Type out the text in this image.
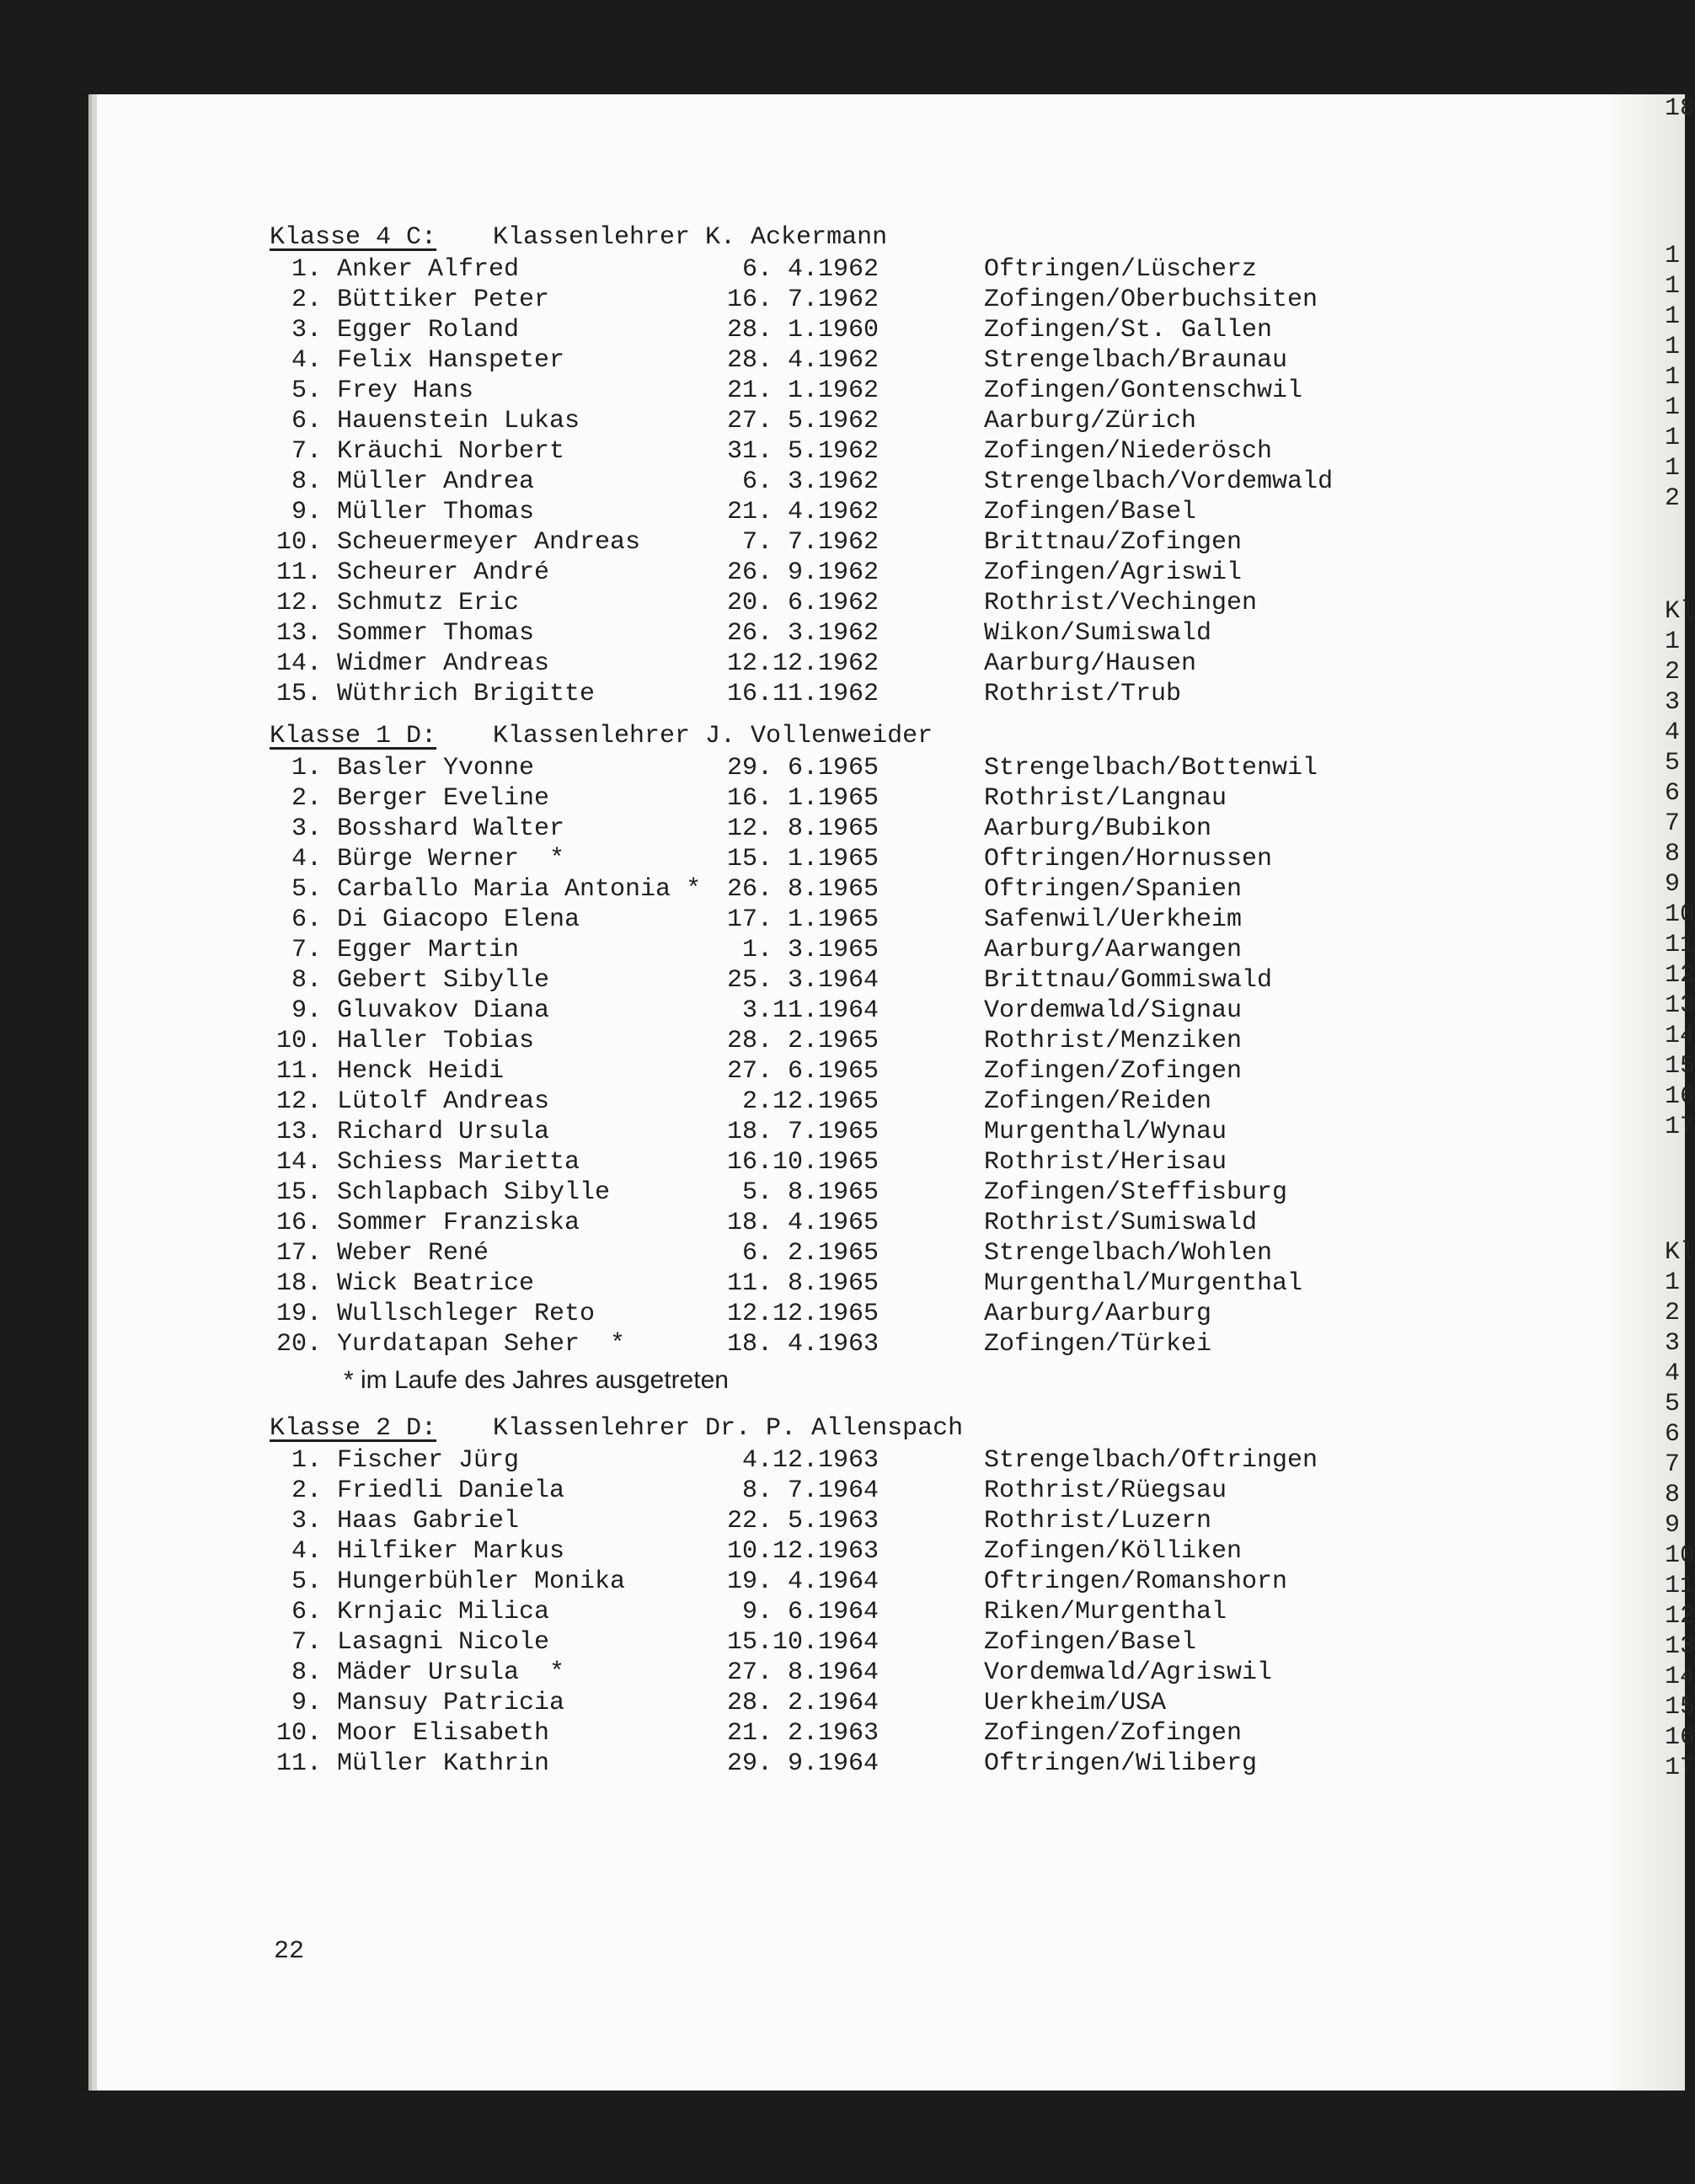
Klasse 4 C: Klassenlehrer K. Ackermann
1. Anker Alfred	6. 4.1962	Oftringen/Lüscherz
2. Büttiker Peter	16. 7.1962	Zofingen/Oberbuchsiten
3. Egger Roland	28. 1.1960	Zofingen/St. Gallen
4. Felix Hanspeter	28. 4.1962	Strengelbach/Braunau
5. Frey Hans	21. 1.1962	Zofingen/Gontenschwil
6. Hauenstein Lukas	27. 5.1962	Aarburg/Zürich
7. Kräuchi Norbert	31. 5.1962	Zofingen/Niederösch
8. Müller Andrea	6. 3.1962	Strengelbach/Vordemwald
9. Müller Thomas	21. 4.1962	Zofingen/Basel
10. Scheuermeyer Andreas	7. 7.1962	Brittnau/Zofingen
11. Scheurer André	26. 9.1962	Zofingen/Agriswil
12. Schmutz Eric	20. 6.1962	Rothrist/Vechingen
13. Sommer Thomas	26. 3.1962	Wikon/Sumiswald
14. Widmer Andreas	12.12.1962	Aarburg/Hausen
15. Wüthrich Brigitte	16.11.1962	Rothrist/Trub
Klasse 1 D: Klassenlehrer J. Vollenweider
1. Basler Yvonne	29. 6.1965	Strengelbach/Bottenwil
2. Berger Eveline	16. 1.1965	Rothrist/Langnau
3. Bosshard Walter	12. 8.1965	Aarburg/Bubikon
4. Bürge Werner  *	15. 1.1965	Oftringen/Hornussen
5. Carballo Maria Antonia *	26. 8.1965	Oftringen/Spanien
6. Di Giacopo Elena	17. 1.1965	Safenwil/Uerkheim
7. Egger Martin	1. 3.1965	Aarburg/Aarwangen
8. Gebert Sibylle	25. 3.1964	Brittnau/Gommiswald
9. Gluvakov Diana	3.11.1964	Vordemwald/Signau
10. Haller Tobias	28. 2.1965	Rothrist/Menziken
11. Henck Heidi	27. 6.1965	Zofingen/Zofingen
12. Lütolf Andreas	2.12.1965	Zofingen/Reiden
13. Richard Ursula	18. 7.1965	Murgenthal/Wynau
14. Schiess Marietta	16.10.1965	Rothrist/Herisau
15. Schlapbach Sibylle	5. 8.1965	Zofingen/Steffisburg
16. Sommer Franziska	18. 4.1965	Rothrist/Sumiswald
17. Weber René	6. 2.1965	Strengelbach/Wohlen
18. Wick Beatrice	11. 8.1965	Murgenthal/Murgenthal
19. Wullschleger Reto	12.12.1965	Aarburg/Aarburg
20. Yurdatapan Seher  *	18. 4.1963	Zofingen/Türkei
* im Laufe des Jahres ausgetreten
Klasse 2 D: Klassenlehrer Dr. P. Allenspach
1. Fischer Jürg	4.12.1963	Strengelbach/Oftringen
2. Friedli Daniela	8. 7.1964	Rothrist/Rüegsau
3. Haas Gabriel	22. 5.1963	Rothrist/Luzern
4. Hilfiker Markus	10.12.1963	Zofingen/Kölliken
5. Hungerbühler Monika	19. 4.1964	Oftringen/Romanshorn
6. Krnjaic Milica	9. 6.1964	Riken/Murgenthal
7. Lasagni Nicole	15.10.1964	Zofingen/Basel
8. Mäder Ursula  *	27. 8.1964	Vordemwald/Agriswil
9. Mansuy Patricia	28. 2.1964	Uerkheim/USA
10. Moor Elisabeth	21. 2.1963	Zofingen/Zofingen
11. Müller Kathrin	29. 9.1964	Oftringen/Wiliberg
22
1
1
1
1
1
1
1
1
2
Kl
1
2
3
4
5
6
7
8
9
10
11
12
13
14
15
16
17
Kl
1
2
3
4
5
6
7
8
9
10
11
12
13
14
15
16
17
18
